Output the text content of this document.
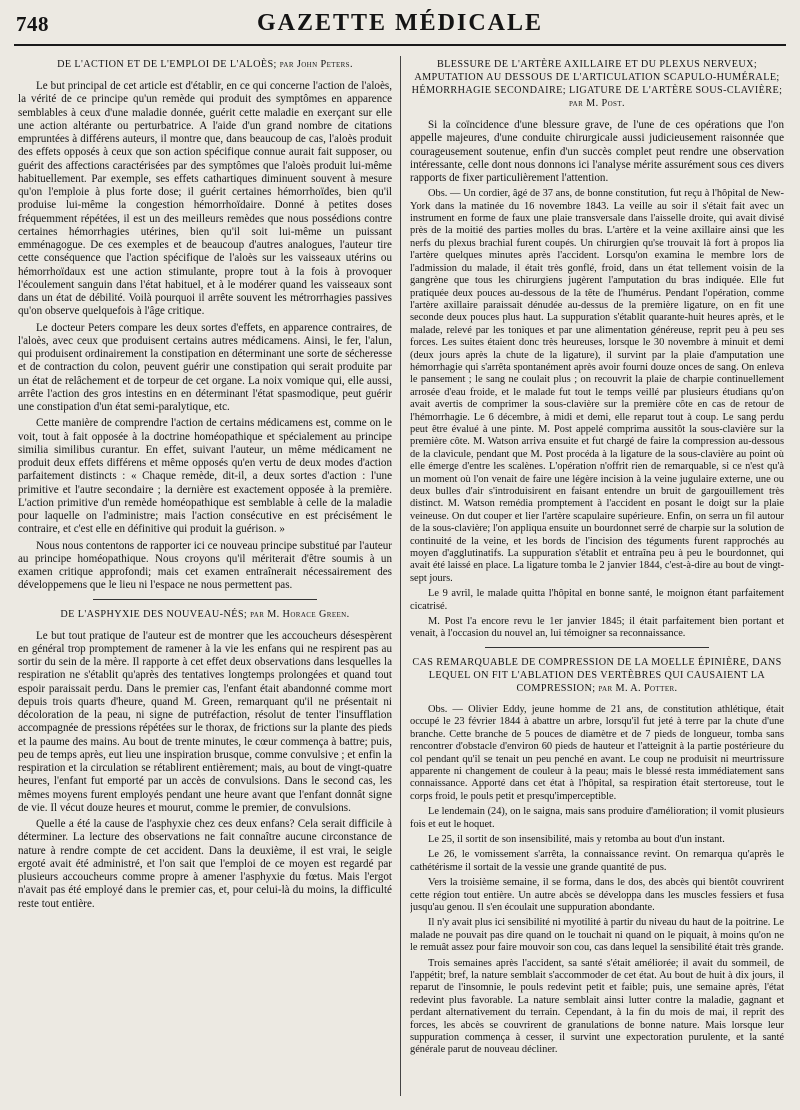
748	GAZETTE MÉDICALE
DE L'ACTION ET DE L'EMPLOI DE L'ALOÈS; par John Peters.

Le but principal de cet article est d'établir, en ce qui concerne l'action de l'aloès, la vérité de ce principe qu'un remède qui produit des symptômes en apparence semblables à ceux d'une maladie donnée, guérit cette maladie en exerçant sur elle une action altérante ou perturbatrice. A l'aide d'un grand nombre de citations empruntées à différens auteurs, il montre que, dans beaucoup de cas, l'aloès produit des effets opposés à ceux que son action spécifique connue aurait fait supposer, ou guérit des affections caractérisées par des symptômes que l'aloès produit lui-même habituellement. Par exemple, ses effets cathartiques diminuent souvent à mesure qu'on l'emploie à plus forte dose; il guérit certaines hémorrhoïdes, bien qu'il produise lui-même la congestion hémorrhoïdaire. Donné à petites doses fréquemment répétées, il est un des meilleurs remèdes que nous possédions contre certaines hémorrhagies utérines, bien qu'il soit lui-même un puissant emménagogue. De ces exemples et de beaucoup d'autres analogues, l'auteur tire cette conséquence que l'action spécifique de l'aloès sur les vaisseaux utérins ou hémorrhoïdaux est une action stimulante, propre tout à la fois à provoquer l'écoulement sanguin dans l'état habituel, et à le modérer quand les vaisseaux sont dans un état de débilité. Voilà pourquoi il arrête souvent les métrorrhagies passives qu'on observe quelquefois à l'âge critique.

Le docteur Peters compare les deux sortes d'effets, en apparence contraires, de l'aloès, avec ceux que produisent certains autres médicamens. Ainsi, le fer, l'alun, qui produisent ordinairement la constipation en déterminant une sorte de sécheresse et de contraction du colon, peuvent guérir une constipation qui serait produite par un état de relâchement et de torpeur de cet organe. La noix vomique qui, elle aussi, arrête l'action des gros intestins en en déterminant l'état spasmodique, peut guérir une constipation d'un état semi-paralytique, etc.

Cette manière de comprendre l'action de certains médicamens est, comme on le voit, tout à fait opposée à la doctrine homéopathique et spécialement au principe similia similibus curantur. En effet, suivant l'auteur, un même médicament ne produit deux effets différens et même opposés qu'en vertu de deux modes d'action parfaitement distincts : « Chaque remède, dit-il, a deux sortes d'action : l'une primitive et l'autre secondaire ; la dernière est exactement opposée à la première. L'action primitive d'un remède homéopathique est semblable à celle de la maladie pour laquelle on l'administre; mais l'action consécutive en est précisément le contraire, et c'est elle en définitive qui produit la guérison. »

Nous nous contentons de rapporter ici ce nouveau principe substitué par l'auteur au principe homéopathique. Nous croyons qu'il mériterait d'être soumis à un examen critique approfondi; mais cet examen entraînerait nécessairement des développemens que le lieu ni l'espace ne nous permettent pas.

DE L'ASPHYXIE DES NOUVEAU-NÉS; par M. Horace Green.

Le but tout pratique de l'auteur est de montrer que les accoucheurs désespèrent en général trop promptement de ramener à la vie les enfans qui ne respirent pas au sortir du sein de la mère. Il rapporte à cet effet deux observations dans lesquelles la respiration ne s'établit qu'après des tentatives longtemps prolongées et quand tout espoir paraissait perdu. Dans le premier cas, l'enfant était abandonné comme mort depuis trois quarts d'heure, quand M. Green, remarquant qu'il ne présentait ni décoloration de la peau, ni signe de putréfaction, résolut de tenter l'insufflation accompagnée de pressions répétées sur le thorax, de frictions sur la plante des pieds et la paume des mains. Au bout de trente minutes, le cœur commença à battre; puis, peu de temps après, eut lieu une inspiration brusque, comme convulsive ; et enfin la respiration et la circulation se rétablirent entièrement; mais, au bout de vingt-quatre heures, l'enfant fut emporté par un accès de convulsions. Dans le second cas, les mêmes moyens furent employés pendant une heure avant que l'enfant donnât signe de vie. Il vécut douze heures et mourut, comme le premier, de convulsions.

Quelle a été la cause de l'asphyxie chez ces deux enfans? Cela serait difficile à déterminer. La lecture des observations ne fait connaître aucune circonstance de nature à rendre compte de cet accident. Dans la deuxième, il est vrai, le seigle ergoté avait été administré, et l'on sait que l'emploi de ce moyen est regardé par plusieurs accoucheurs comme propre à amener l'asphyxie du fœtus. Mais l'ergot n'avait pas été employé dans le premier cas, et, pour celui-là du moins, la difficulté reste tout entière.

BLESSURE DE L'ARTÈRE AXILLAIRE ET DU PLEXUS NERVEUX; AMPUTATION AU DESSOUS DE L'ARTICULATION SCAPULO-HUMÉRALE; HÉMORRHAGIE SECONDAIRE; LIGATURE DE L'ARTÈRE SOUS-CLAVIÈRE; par M. Post.

Si la coïncidence d'une blessure grave, de l'une de ces opérations que l'on appelle majeures, d'une conduite chirurgicale aussi judicieusement raisonnée que courageusement soutenue, enfin d'un succès complet peut rendre une observation intéressante, celle dont nous donnons ici l'analyse mérite assurément sous ces divers rapports de fixer particulièrement l'attention.

Obs. — Un cordier, âgé de 37 ans, de bonne constitution, fut reçu à l'hôpital de New-York dans la matinée du 16 novembre 1843. La veille au soir il s'était fait avec un instrument en forme de faux une plaie transversale dans l'aisselle droite, qui avait divisé près de la moitié des parties molles du bras. L'artère et la veine axillaire ainsi que les nerfs du plexus brachial furent coupés. Un chirurgien qu'se trouvait là fort à propos lia l'artère quelques minutes après l'accident. Lorsqu'on examina le membre lors de l'admission du malade, il était très gonflé, froid, dans un état tellement voisin de la gangrène que tous les chirurgiens jugèrent l'amputation du bras indiquée. Elle fut pratiquée deux pouces au-dessous de la tête de l'humérus. Pendant l'opération, comme l'artère axillaire paraissait dénudée au-dessus de la première ligature, on en fit une seconde deux pouces plus haut. La suppuration s'établit quarante-huit heures après, et le malade, relevé par les toniques et par une alimentation généreuse, reprit peu à peu ses forces. Les suites étaient donc très heureuses, lorsque le 30 novembre à minuit et demi (deux jours après la chute de la ligature), il survint par la plaie d'amputation une hémorrhagie qui s'arrêta spontanément après avoir fourni douze onces de sang. On enleva le pansement ; le sang ne coulait plus ; on recouvrit la plaie de charpie continuellement arrosée d'eau froide, et le malade fut tout le temps veillé par plusieurs étudians qu'on avait avertis de comprimer la sous-clavière sur la première côte en cas de retour de l'hémorrhagie. Le 6 décembre, à midi et demi, elle reparut tout à coup. Le sang perdu peut être évalué à une pinte. M. Post appelé comprima aussitôt la sous-clavière sur la première côte. M. Watson arriva ensuite et fut chargé de faire la compression au-dessous de la clavicule, pendant que M. Post procéda à la ligature de la sous-clavière au point où elle émerge d'entre les scalènes. L'opération n'offrit rien de remarquable, si ce n'est qu'à un moment où l'on venait de faire une légère incision à la veine jugulaire externe, une ou deux bulles d'air s'introduisirent en faisant entendre un bruit de gargouillement très distinct. M. Watson remédia promptement à l'accident en posant le doigt sur la plaie veineuse. On dut couper et lier l'artère scapulaire supérieure. Enfin, on serra un fil autour de la sous-clavière; l'on appliqua ensuite un bourdonnet serré de charpie sur la solution de continuité de la veine, et les bords de l'incision des téguments furent rapprochés au moyen d'agglutinatifs. La suppuration s'établit et entraîna peu à peu le bourdonnet, qui avait été laissé en place. La ligature tomba le 2 janvier 1844, c'est-à-dire au bout de vingt-sept jours.

Le 9 avril, le malade quitta l'hôpital en bonne santé, le moignon étant parfaitement cicatrisé.

M. Post l'a encore revu le 1er janvier 1845; il était parfaitement bien portant et venait, à l'occasion du nouvel an, lui témoigner sa reconnaissance.

CAS REMARQUABLE DE COMPRESSION DE LA MOELLE ÉPINIÈRE, DANS LEQUEL ON FIT L'ABLATION DES VERTÈBRES QUI CAUSAIENT LA COMPRESSION; par M. A. Potter.

Obs. — Olivier Eddy, jeune homme de 21 ans, de constitution athlétique, était occupé le 23 février 1844 à abattre un arbre, lorsqu'il fut jeté à terre par la chute d'une branche. Cette branche de 5 pouces de diamètre et de 7 pieds de longueur, tomba sans rencontrer d'obstacle d'environ 60 pieds de hauteur et l'atteignit à la partie postérieure du col pendant qu'il se tenait un peu penché en avant. Le coup ne produisit ni meurtrissure apparente ni changement de couleur à la peau; mais le blessé resta immédiatement sans connaissance. Apporté dans cet état à l'hôpital, sa respiration était stertoreuse, tout le corps froid, le pouls petit et presqu'imperceptible.

Le lendemain (24), on le saigna, mais sans produire d'amélioration; il vomit plusieurs fois et eut le hoquet.

Le 25, il sortit de son insensibilité, mais y retomba au bout d'un instant.

Le 26, le vomissement s'arrêta, la connaissance revint. On remarqua qu'après le cathétérisme il sortait de la vessie une grande quantité de pus.

Vers la troisième semaine, il se forma, dans le dos, des abcès qui bientôt couvrirent cette région tout entière. Un autre abcès se développa dans les muscles fessiers et fusa jusqu'au genou. Il s'en écoulait une suppuration abondante.

Il n'y avait plus ici sensibilité ni myotilité à partir du niveau du haut de la poitrine. Le malade ne pouvait pas dire quand on le touchait ni quand on le piquait, à moins qu'on ne le remuât assez pour faire mouvoir son cou, cas dans lequel la sensibilité était très grande.

Trois semaines après l'accident, sa santé s'était améliorée; il avait du sommeil, de l'appétit; bref, la nature semblait s'accommoder de cet état. Au bout de huit à dix jours, il reparut de l'insomnie, le pouls redevint petit et faible; puis, une semaine après, l'état redevint plus favorable. La nature semblait ainsi lutter contre la maladie, gagnant et perdant alternativement du terrain. Cependant, à la fin du mois de mai, il reprit des forces, les abcès se couvrirent de granulations de bonne nature. Mais lorsque leur suppuration commença à cesser, il survint une expectoration purulente, et la santé générale parut de nouveau décliner.
